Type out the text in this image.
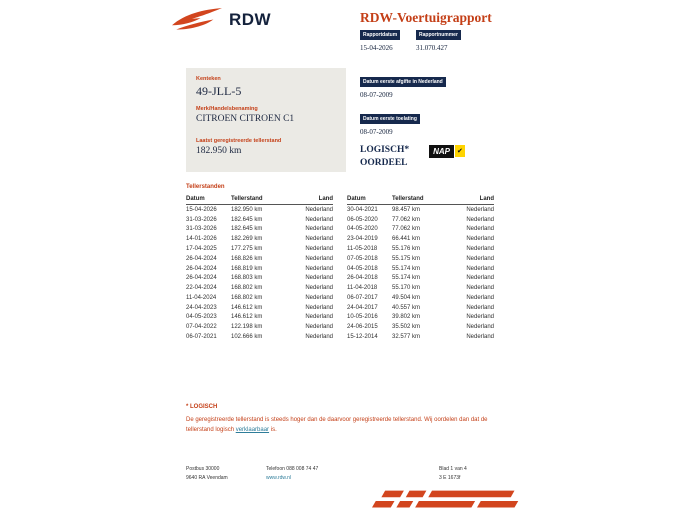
RDW	RDW-Voertuigrapport
Rapportdatum
15-04-2026
Rapportnummer
31.070.427
Kenteken
49-JLL-5
Merk/Handelsbenaming
CITROEN CITROEN C1
Laatst geregistreerde tellerstand
182.950 km
Datum eerste afgifte in Nederland
08-07-2009
Datum eerste toelating
08-07-2009
LOGISCH*
OORDEEL
NAP	✔
Tellerstanden
Datum	Tellerstand	Land
15-04-2026	182.950 km	Nederland
31-03-2026	182.645 km	Nederland
31-03-2026	182.645 km	Nederland
14-01-2026	182.269 km	Nederland
17-04-2025	177.275 km	Nederland
26-04-2024	168.826 km	Nederland
26-04-2024	168.819 km	Nederland
26-04-2024	168.803 km	Nederland
22-04-2024	168.802 km	Nederland
11-04-2024	168.802 km	Nederland
24-04-2023	146.612 km	Nederland
04-05-2023	146.612 km	Nederland
07-04-2022	122.198 km	Nederland
06-07-2021	102.666 km	Nederland
Datum	Tellerstand	Land
30-04-2021	98.457 km	Nederland
06-05-2020	77.062 km	Nederland
04-05-2020	77.062 km	Nederland
23-04-2019	66.441 km	Nederland
11-05-2018	55.176 km	Nederland
07-05-2018	55.175 km	Nederland
04-05-2018	55.174 km	Nederland
26-04-2018	55.174 km	Nederland
11-04-2018	55.170 km	Nederland
06-07-2017	49.504 km	Nederland
24-04-2017	40.557 km	Nederland
10-05-2016	39.802 km	Nederland
24-06-2015	35.502 km	Nederland
15-12-2014	32.577 km	Nederland
* LOGISCH
De geregistreerde tellerstand is steeds hoger dan de daarvoor geregistreerde tellerstand. Wij oordelen dan dat de
tellerstand logisch verklaarbaar is.
Postbus 30000
9640 RA Veendam
Telefoon 088 008 74 47
www.rdw.nl
Blad 1 van 4
3 E 1673f
